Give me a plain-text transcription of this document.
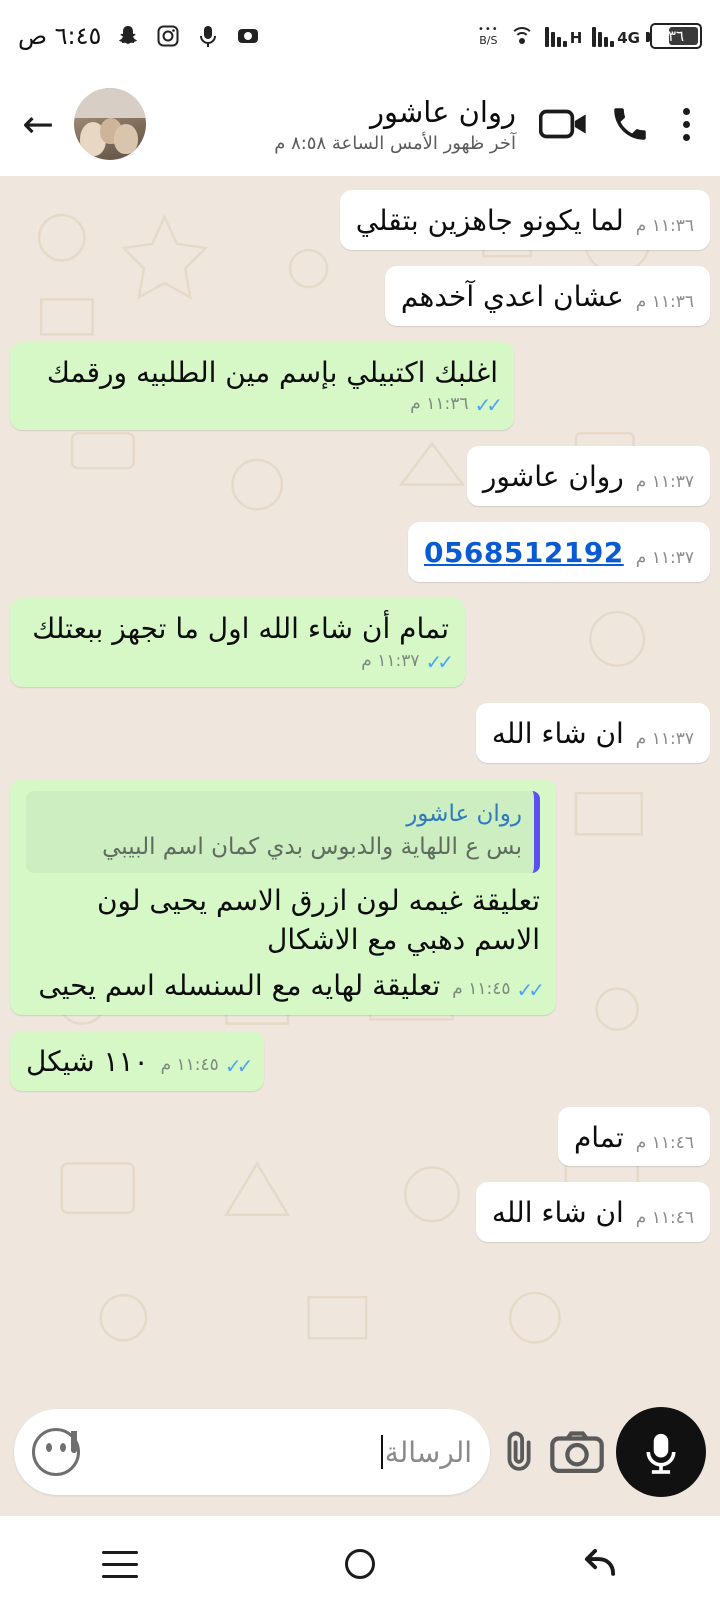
٣٦
4G
H
•••
B/S
٦:٤٥ ص
روان عاشور
آخر ظهور الأمس الساعة ٨:٥٨ م
←
١١:٣٦ م
لما يكونو جاهزين بتقلي
١١:٣٦ م
عشان اعدي آخدهم
اغلبك اكتبيلي بإسم مين الطلبيه ورقمك
✓✓
١١:٣٦ م
١١:٣٧ م
روان عاشور
١١:٣٧ م
0568512192
تمام أن شاء الله اول ما تجهز ببعتلك
✓✓
١١:٣٧ م
١١:٣٧ م
ان شاء الله
روان عاشور
بس ع اللهاية والدبوس بدي كمان اسم البيبي
تعليقة غيمه لون ازرق الاسم يحيى لون الاسم دهبي مع الاشكال
✓✓
١١:٤٥ م
تعليقة لهايه مع السنسله اسم يحيى
✓✓
١١:٤٥ م
١١٠ شيكل
١١:٤٦ م
تمام
١١:٤٦ م
ان شاء الله
الرسالة
